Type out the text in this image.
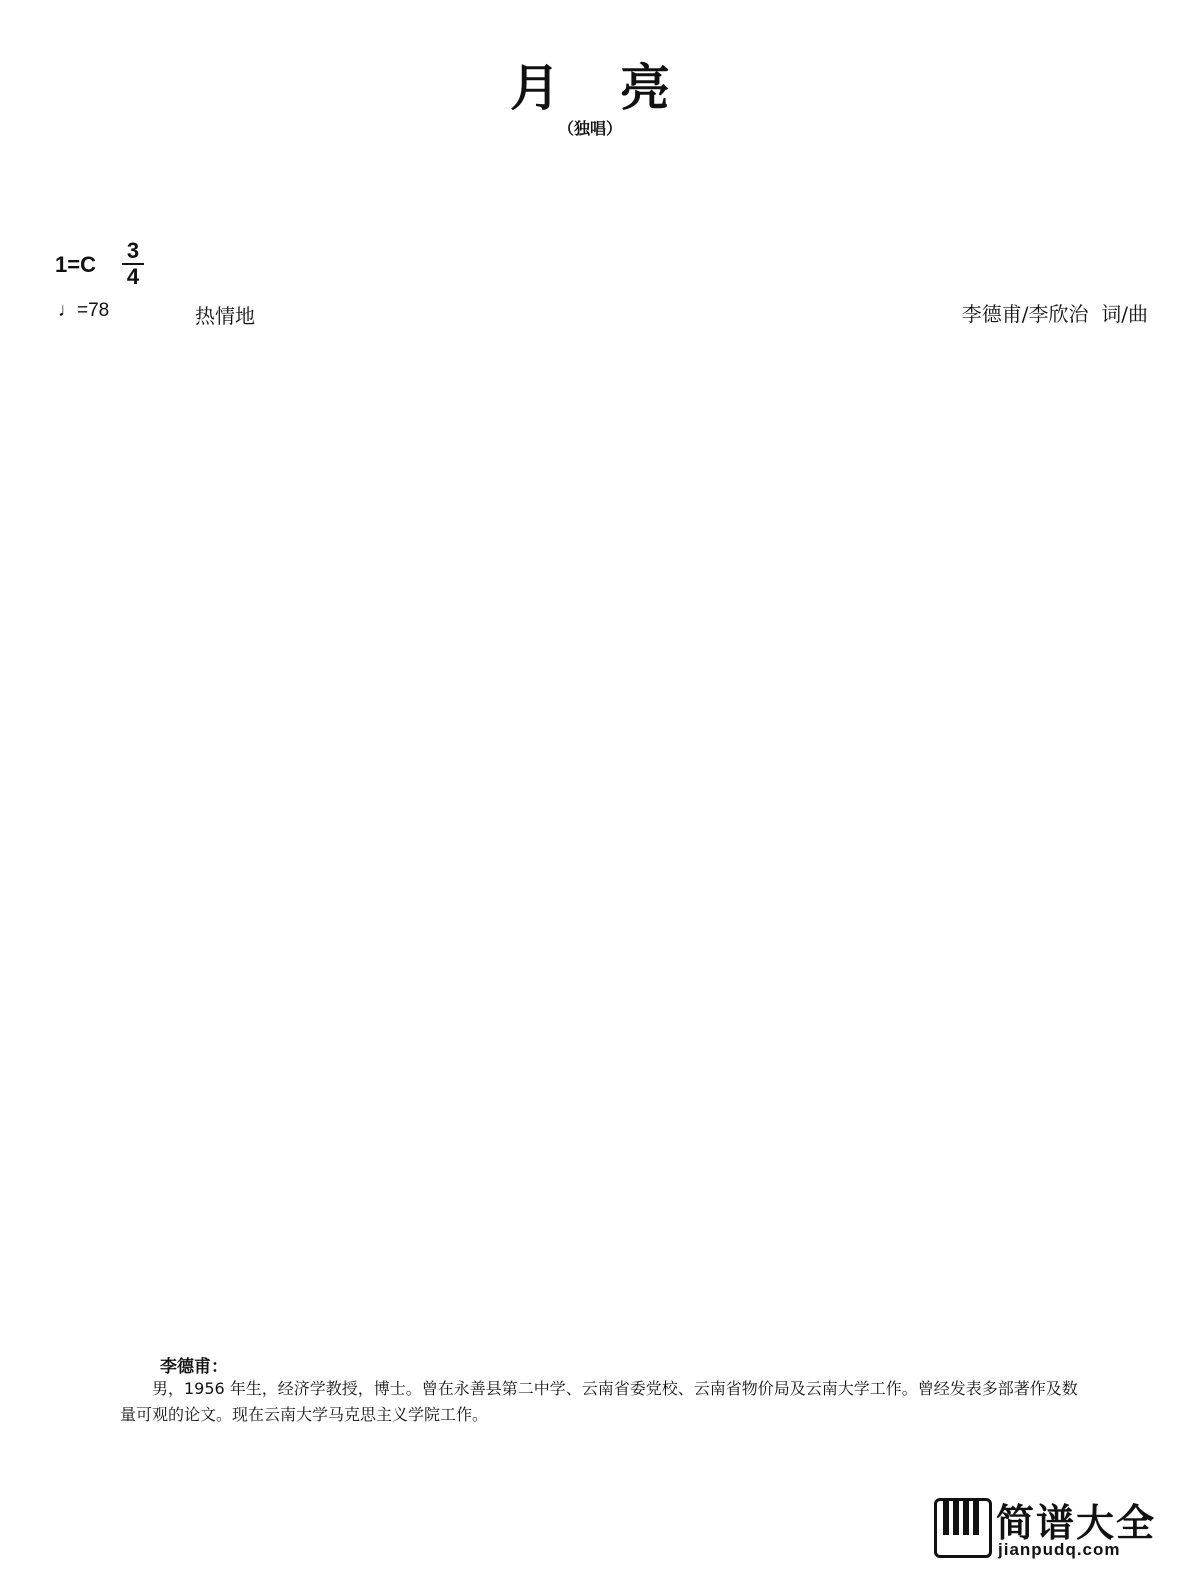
月亮
（独唱）
1=C
3
4
♩=78	热情地	李德甫/李欣治  词/曲
李德甫：
男，1956 年生，经济学教授，博士。曾在永善县第二中学、云南省委党校、云南省物价局及云南大学工作。曾经发表多部著作及数量可观的论文。现在云南大学马克思主义学院工作。
简谱大全
jianpudq.com
